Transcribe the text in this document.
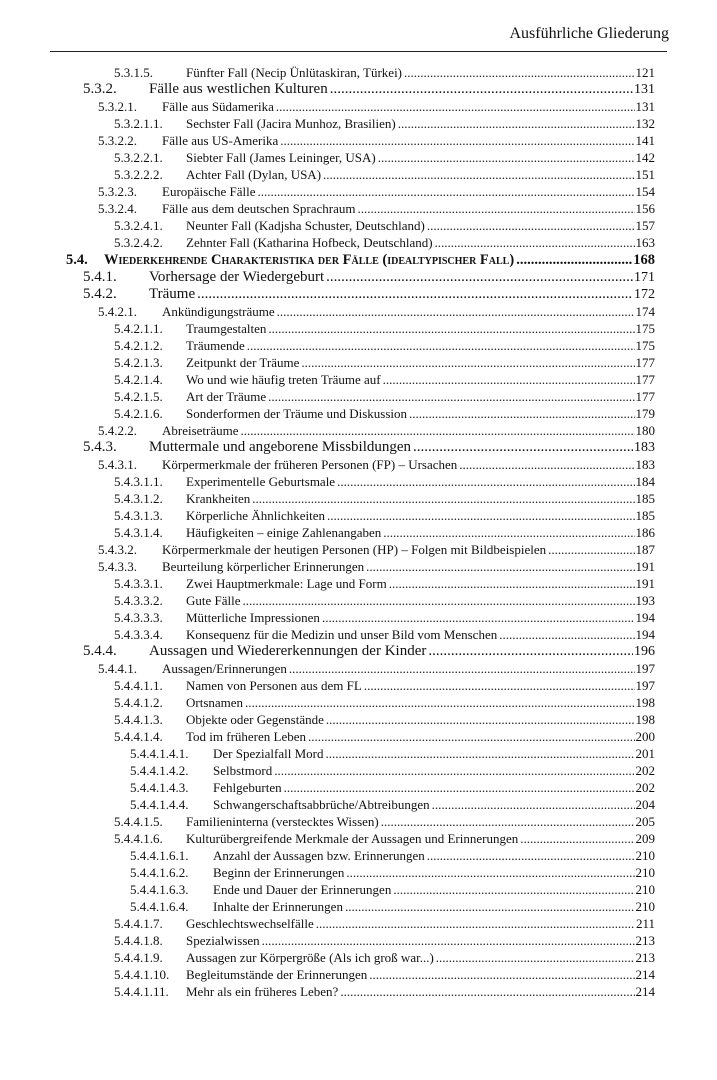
Ausführliche Gliederung
5.3.1.5.	Fünfter Fall (Necip Ünlütaskiran, Türkei) .....	121
5.3.2.	Fälle aus westlichen Kulturen .....	131
5.3.2.1.	Fälle aus Südamerika .....	131
5.3.2.1.1.	Sechster Fall (Jacira Munhoz, Brasilien) .....	132
5.3.2.2.	Fälle aus US-Amerika .....	141
5.3.2.2.1.	Siebter Fall (James Leininger, USA) .....	142
5.3.2.2.2.	Achter Fall (Dylan, USA) .....	151
5.3.2.3.	Europäische Fälle .....	154
5.3.2.4.	Fälle aus dem deutschen Sprachraum .....	156
5.3.2.4.1.	Neunter Fall (Kadjsha Schuster, Deutschland) .....	157
5.3.2.4.2.	Zehnter Fall (Katharina Hofbeck, Deutschland) .....	163
5.4.	Wiederkehrende Charakteristika der Fälle (idealtypischer Fall) .....	168
5.4.1.	Vorhersage der Wiedergeburt .....	171
5.4.2.	Träume .....	172
5.4.2.1.	Ankündigungsträume .....	174
5.4.2.1.1.	Traumgestalten .....	175
5.4.2.1.2.	Träumende .....	175
5.4.2.1.3.	Zeitpunkt der Träume .....	177
5.4.2.1.4.	Wo und wie häufig treten Träume auf .....	177
5.4.2.1.5.	Art der Träume .....	177
5.4.2.1.6.	Sonderformen der Träume und Diskussion .....	179
5.4.2.2.	Abreiseträume .....	180
5.4.3.	Muttermale und angeborene Missbildungen .....	183
5.4.3.1.	Körpermerkmale der früheren Personen (FP) – Ursachen .....	183
5.4.3.1.1.	Experimentelle Geburtsmale .....	184
5.4.3.1.2.	Krankheiten .....	185
5.4.3.1.3.	Körperliche Ähnlichkeiten .....	185
5.4.3.1.4.	Häufigkeiten – einige Zahlenangaben .....	186
5.4.3.2.	Körpermerkmale der heutigen Personen (HP) – Folgen mit Bildbeispielen .....	187
5.4.3.3.	Beurteilung körperlicher Erinnerungen .....	191
5.4.3.3.1.	Zwei Hauptmerkmale: Lage und Form .....	191
5.4.3.3.2.	Gute Fälle .....	193
5.4.3.3.3.	Mütterliche Impressionen .....	194
5.4.3.3.4.	Konsequenz für die Medizin und unser Bild vom Menschen .....	194
5.4.4.	Aussagen und Wiedererkennungen der Kinder .....	196
5.4.4.1.	Aussagen/Erinnerungen .....	197
5.4.4.1.1.	Namen von Personen aus dem FL .....	197
5.4.4.1.2.	Ortsnamen .....	198
5.4.4.1.3.	Objekte oder Gegenstände .....	198
5.4.4.1.4.	Tod im früheren Leben .....	200
5.4.4.1.4.1.	Der Spezialfall Mord .....	201
5.4.4.1.4.2.	Selbstmord .....	202
5.4.4.1.4.3.	Fehlgeburten .....	202
5.4.4.1.4.4.	Schwangerschaftsabbrüche/Abtreibungen .....	204
5.4.4.1.5.	Familieninterna (verstecktes Wissen) .....	205
5.4.4.1.6.	Kulturübergreifende Merkmale der Aussagen und Erinnerungen .....	209
5.4.4.1.6.1.	Anzahl der Aussagen bzw. Erinnerungen .....	210
5.4.4.1.6.2.	Beginn der Erinnerungen .....	210
5.4.4.1.6.3.	Ende und Dauer der Erinnerungen .....	210
5.4.4.1.6.4.	Inhalte der Erinnerungen .....	210
5.4.4.1.7.	Geschlechtswechselfälle .....	211
5.4.4.1.8.	Spezialwissen .....	213
5.4.4.1.9.	Aussagen zur Körpergröße (Als ich groß war...) .....	213
5.4.4.1.10.	Begleitumstände der Erinnerungen .....	214
5.4.4.1.11.	Mehr als ein früheres Leben? .....	214
